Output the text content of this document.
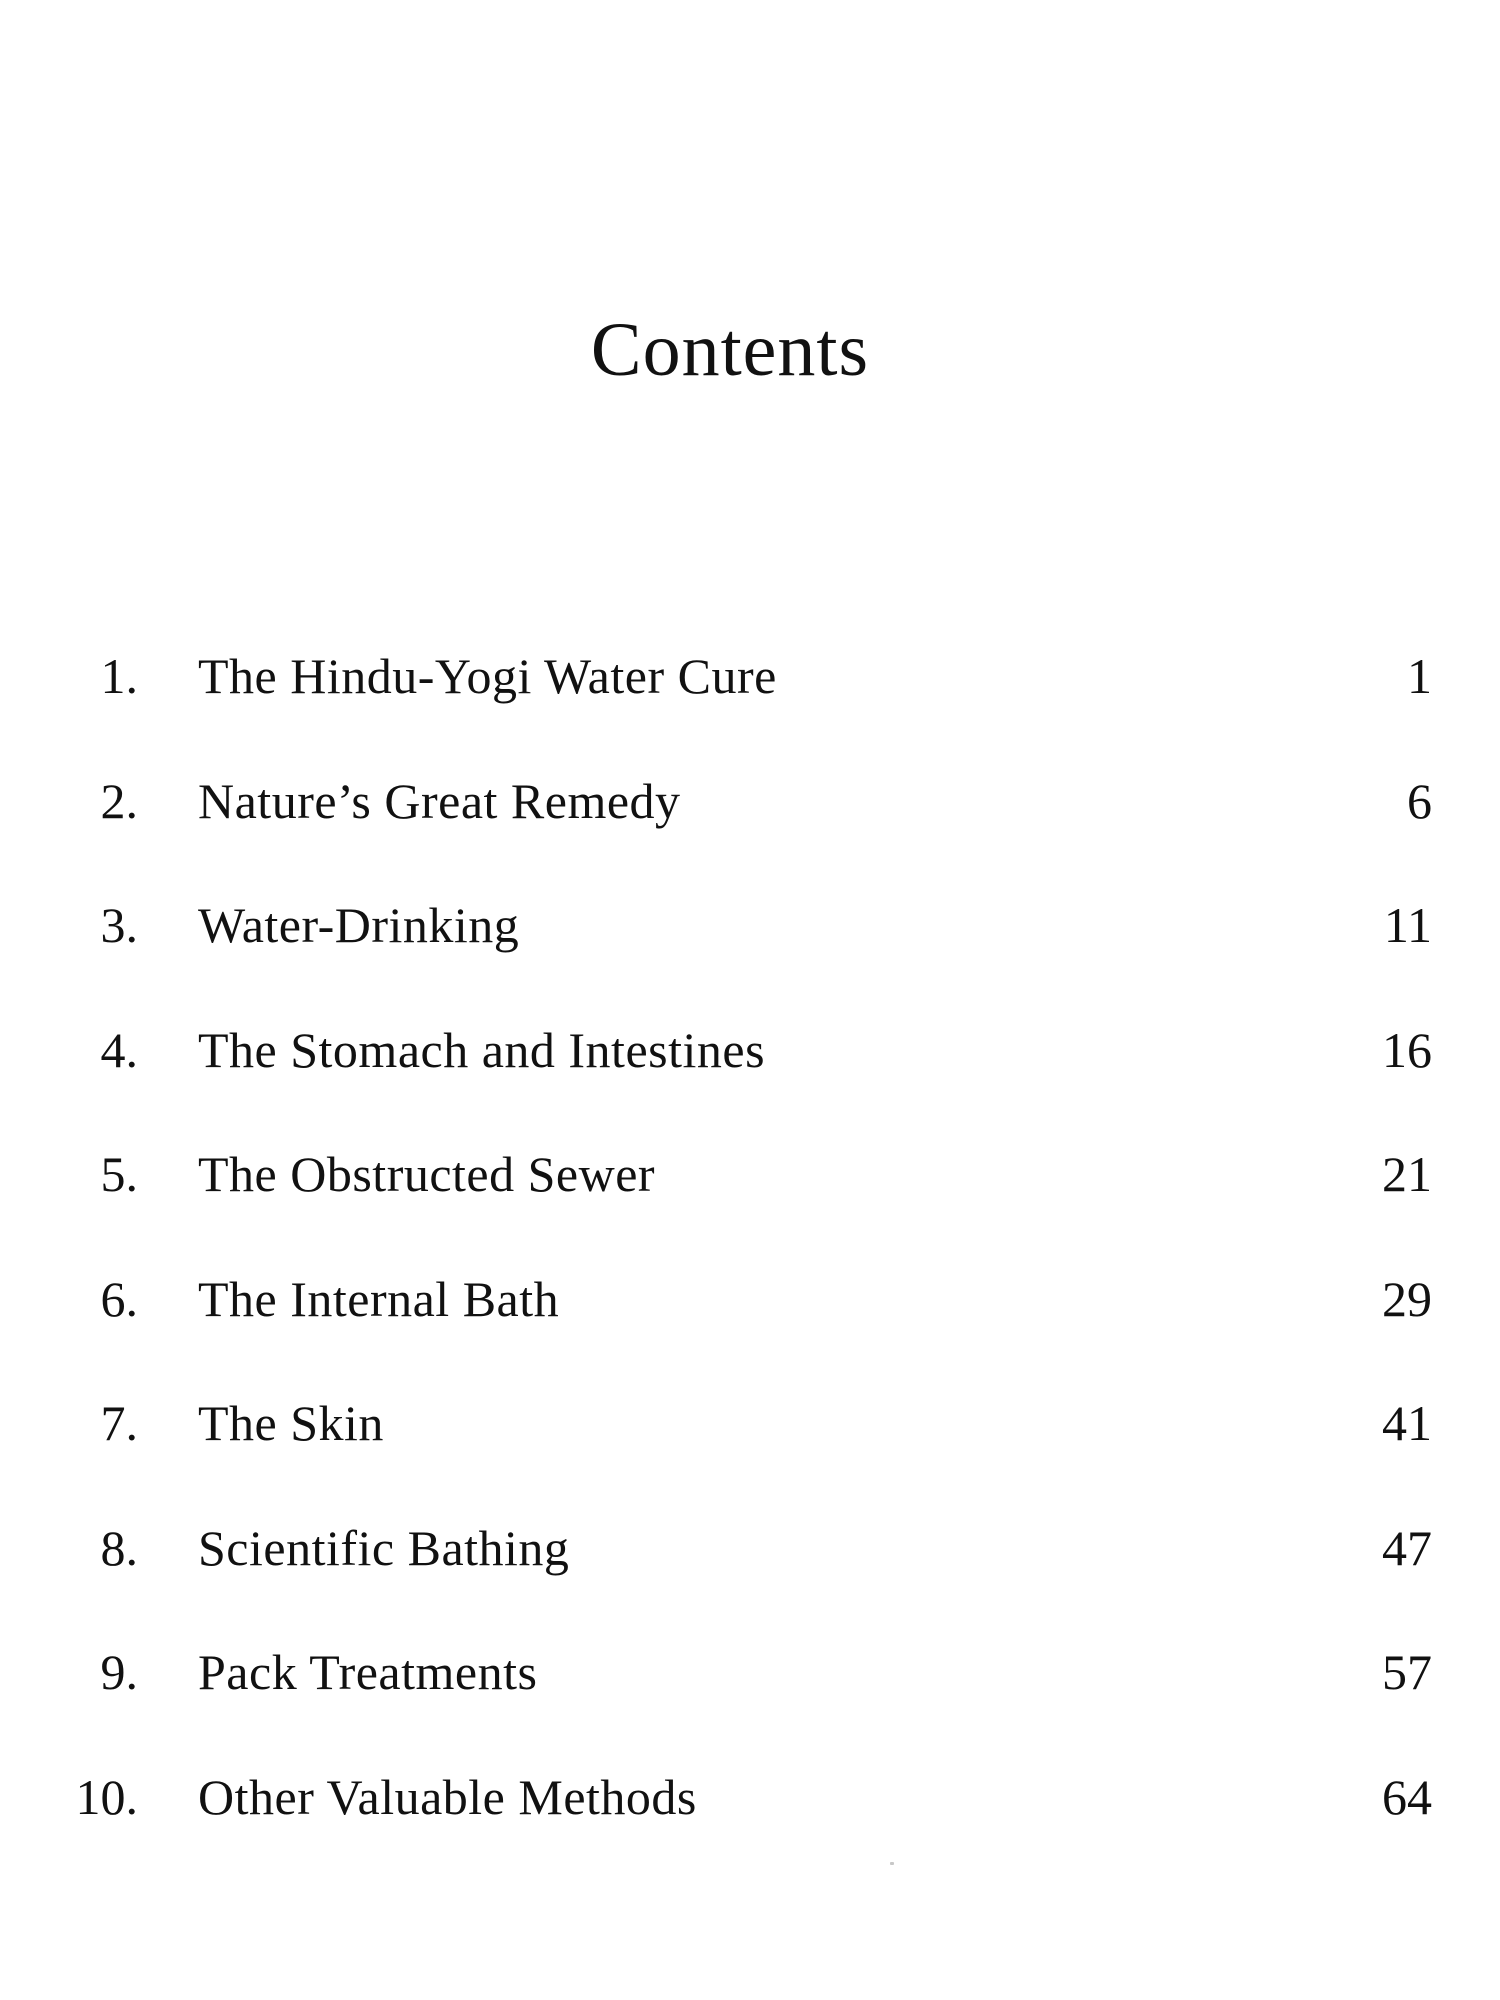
Contents
1. The Hindu-Yogi Water Cure	1
2. Nature’s Great Remedy	6
3. Water-Drinking	11
4. The Stomach and Intestines	16
5. The Obstructed Sewer	21
6. The Internal Bath	29
7. The Skin	41
8. Scientific Bathing	47
9. Pack Treatments	57
10. Other Valuable Methods	64
